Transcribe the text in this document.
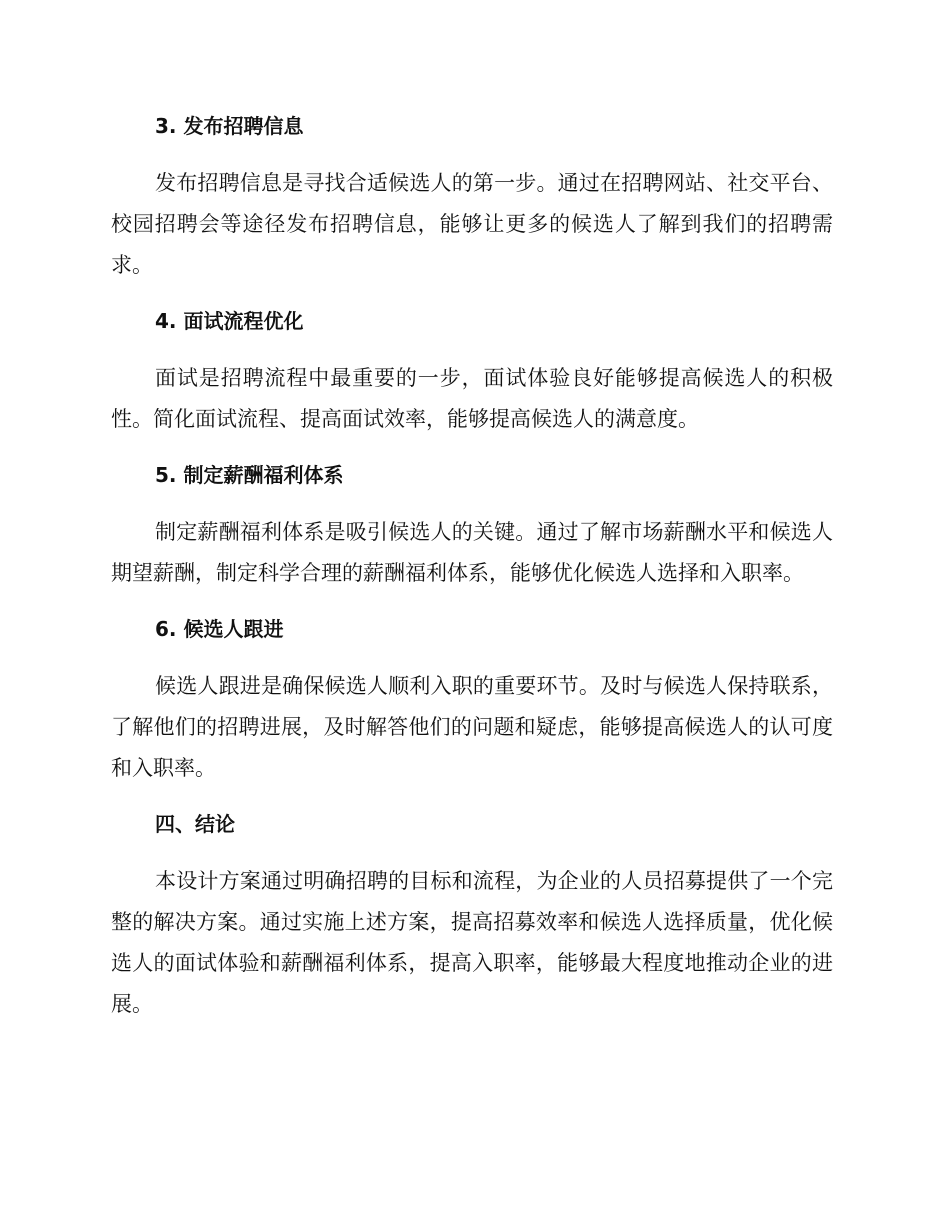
3. 发布招聘信息

发布招聘信息是寻找合适候选人的第一步。通过在招聘网站、社交平台、校园招聘会等途径发布招聘信息，能够让更多的候选人了解到我们的招聘需求。

4. 面试流程优化

面试是招聘流程中最重要的一步，面试体验良好能够提高候选人的积极性。简化面试流程、提高面试效率，能够提高候选人的满意度。

5. 制定薪酬福利体系

制定薪酬福利体系是吸引候选人的关键。通过了解市场薪酬水平和候选人期望薪酬，制定科学合理的薪酬福利体系，能够优化候选人选择和入职率。

6. 候选人跟进

候选人跟进是确保候选人顺利入职的重要环节。及时与候选人保持联系，了解他们的招聘进展，及时解答他们的问题和疑虑，能够提高候选人的认可度和入职率。

四、结论

本设计方案通过明确招聘的目标和流程，为企业的人员招募提供了一个完整的解决方案。通过实施上述方案，提高招募效率和候选人选择质量，优化候选人的面试体验和薪酬福利体系，提高入职率，能够最大程度地推动企业的进展。
